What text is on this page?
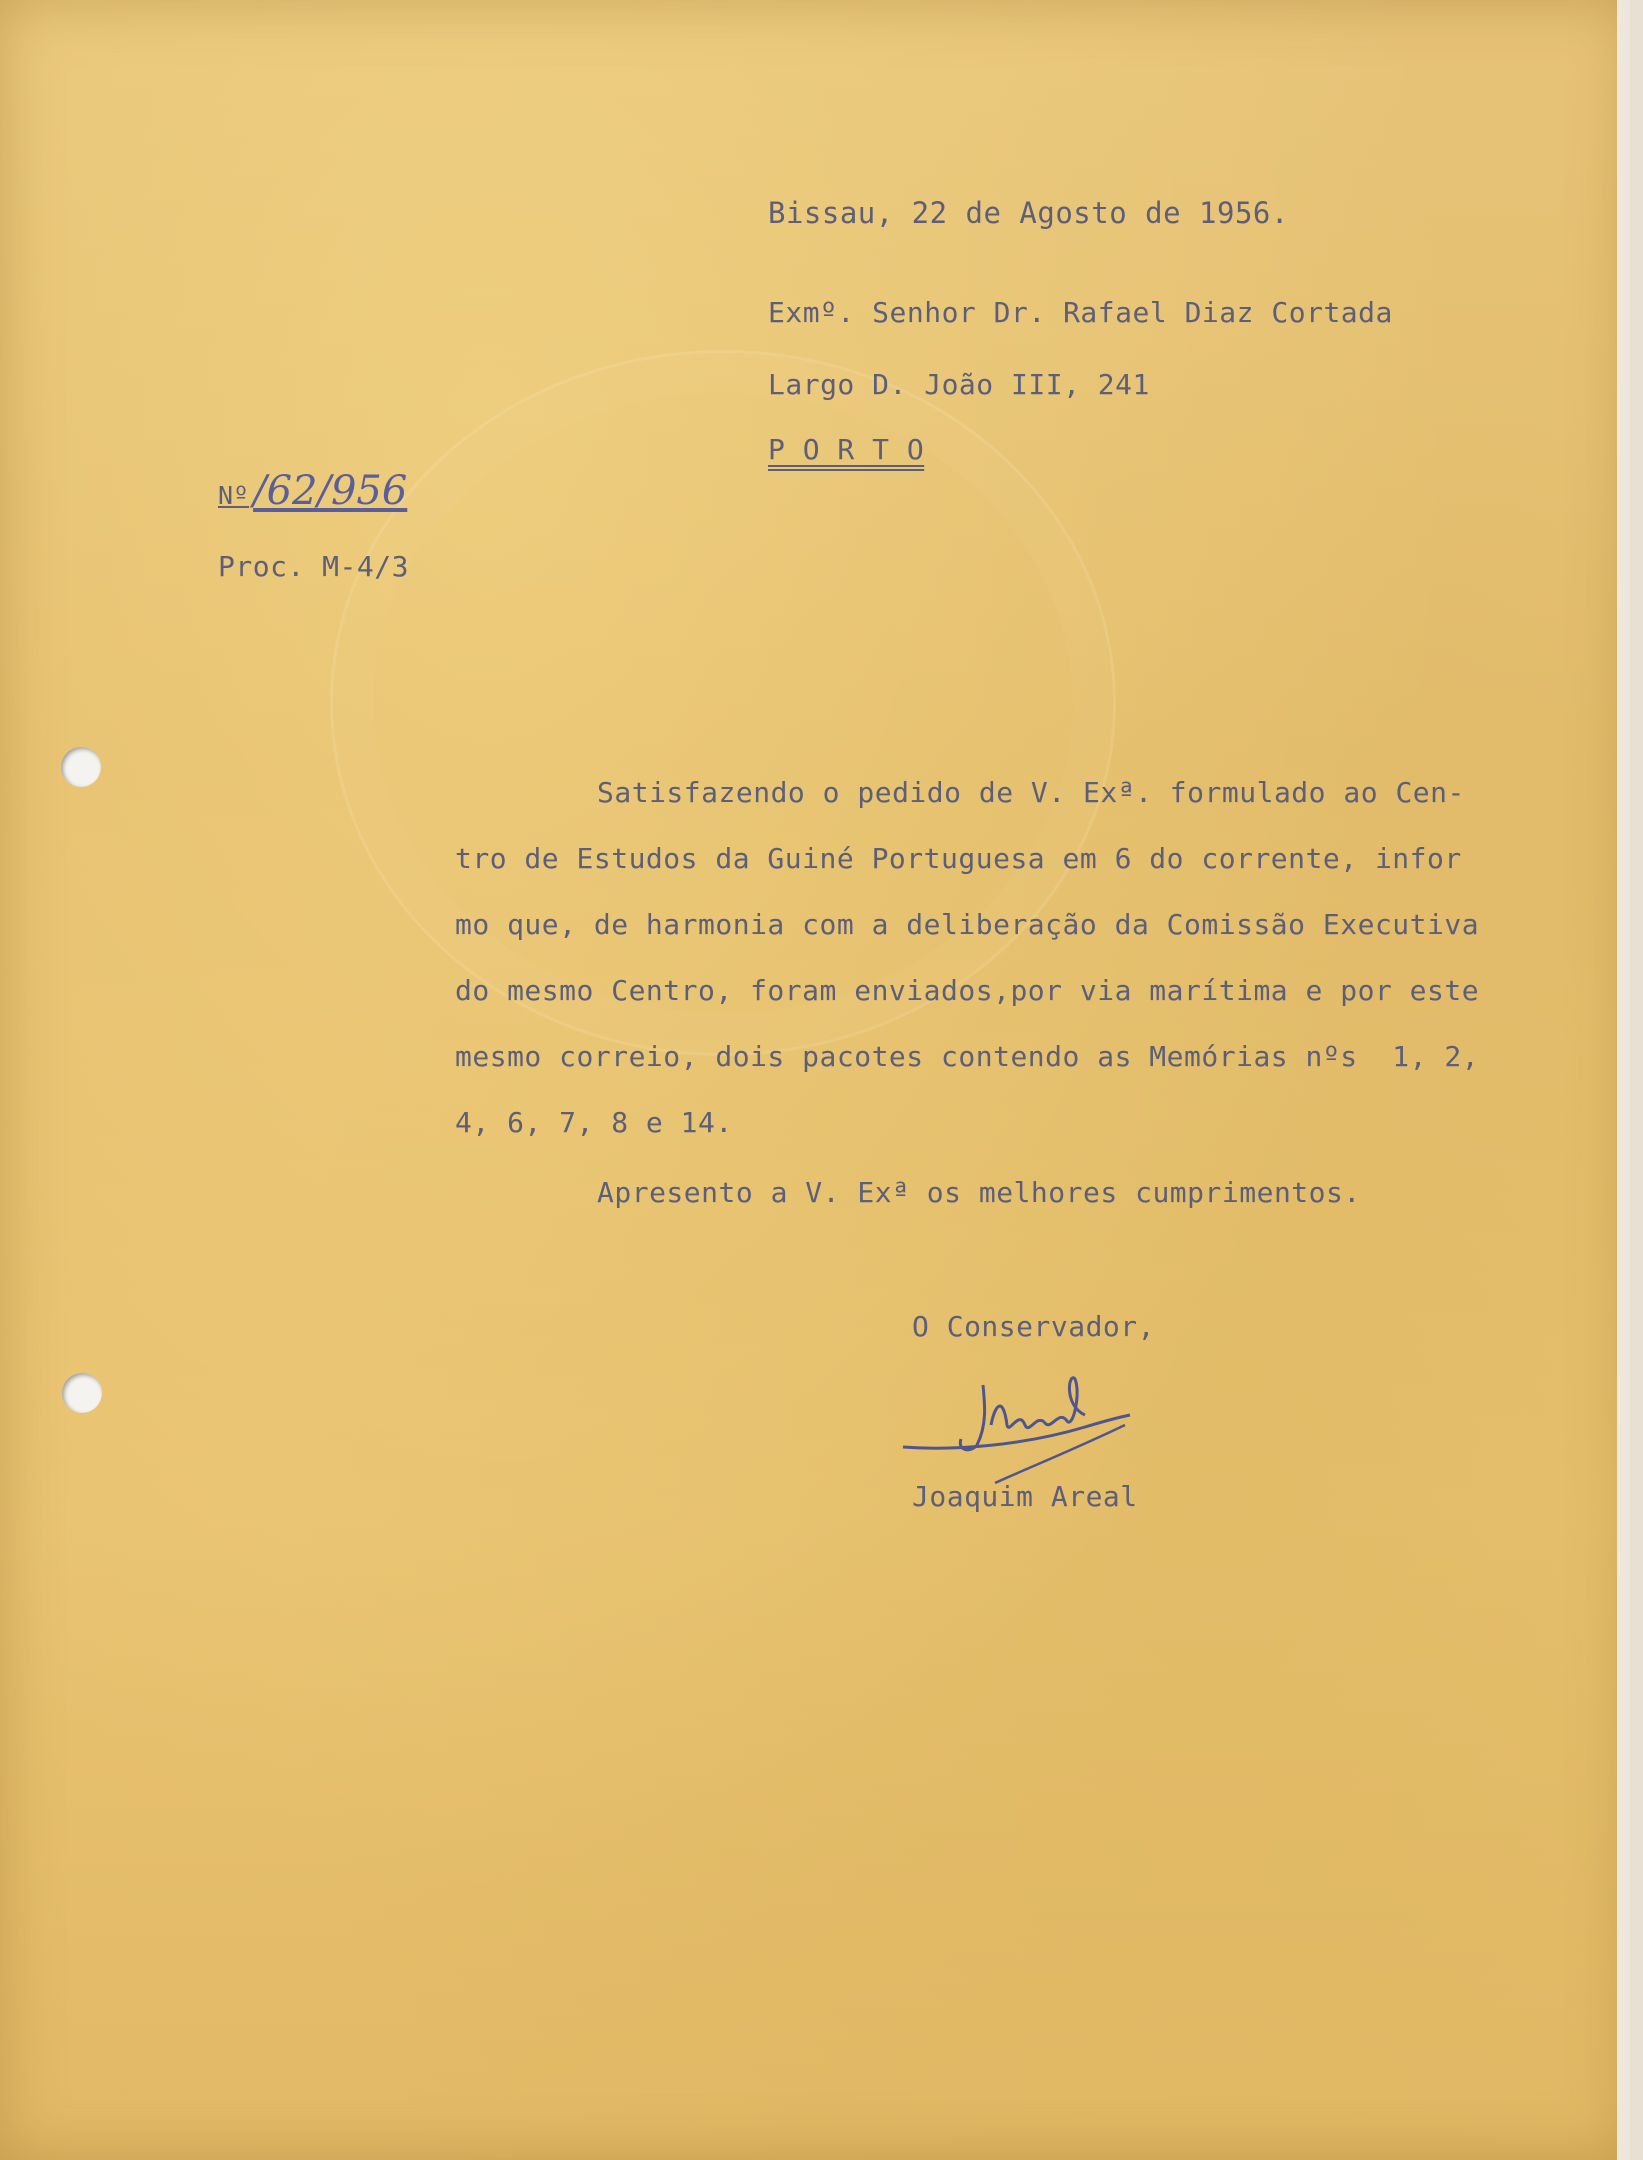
Bissau, 22 de Agosto de 1956.
Exmº. Senhor Dr. Rafael Diaz Cortada
Largo D. João III, 241
P O R T O
Nº /62/956
Proc. M-4/3
Satisfazendo o pedido de V. Exª. formulado ao Cen-
tro de Estudos da Guiné Portuguesa em 6 do corrente, infor
mo que, de harmonia com a deliberação da Comissão Executiva
do mesmo Centro, foram enviados,por via marítima e por este
mesmo correio, dois pacotes contendo as Memórias nºs  1, 2,
4, 6, 7, 8 e 14.
Apresento a V. Exª os melhores cumprimentos.
O Conservador,
Joaquim Areal
